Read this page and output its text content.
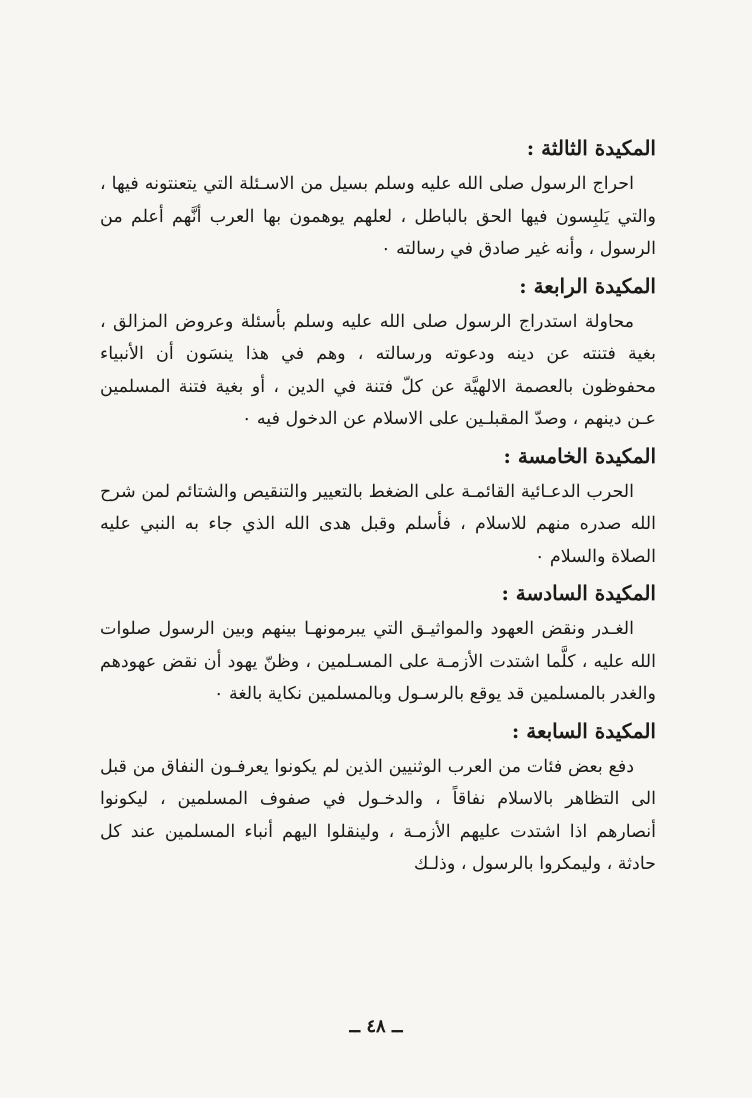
المكيدة الثالثة :

احراج الرسول صلى الله عليه وسلم بسيل من الاسـئلة التي يتعنتونه فيها ، والتي يَلبِسون فيها الحق بالباطل ، لعلهم يوهمون بها العرب أنَّهم أعلم من الرسول ، وأنه غير صادق في رسالته ٠

المكيدة الرابعة :

محاولة استدراج الرسول صلى الله عليه وسلم بأسئلة وعروض المزالق ، بغية فتنته عن دينه ودعوته ورسالته ، وهم في هذا ينسَون أن الأنبياء محفوظون بالعصمة الالهيَّة عن كلّ فتنة في الدين ، أو بغية فتنة المسلمين عـن دينهم ، وصدّ المقبلـين على الاسلام عن الدخول فيه ٠

المكيدة الخامسة :

الحرب الدعـائية القائمـة على الضغط بالتعيير والتنقيص والشتائم لمن شرح الله صدره منهم للاسلام ، فأسلم وقبل هدى الله الذي جاء به النبي عليه الصلاة والسلام ٠

المكيدة السادسة :

الغـدر ونقض العهود والمواثيـق التي يبرمونهـا بينهم وبين الرسول صلوات الله عليه ، كلَّما اشتدت الأزمـة على المسـلمين ، وظنّ يهود أن نقض عهودهم والغدر بالمسلمين قد يوقع بالرسـول وبالمسلمين نكاية بالغة ٠

المكيدة السابعة :

دفع بعض فئات من العرب الوثنيين الذين لم يكونوا يعرفـون النفاق من قبل الى التظاهر بالاسلام نفاقاً ، والدخـول في صفوف المسلمين ، ليكونوا أنصارهم اذا اشتدت عليهم الأزمـة ، ولينقلوا اليهم أنباء المسلمين عند كل حادثة ، وليمكروا بالرسول ، وذلـك

ــ ٤٨ ــ
